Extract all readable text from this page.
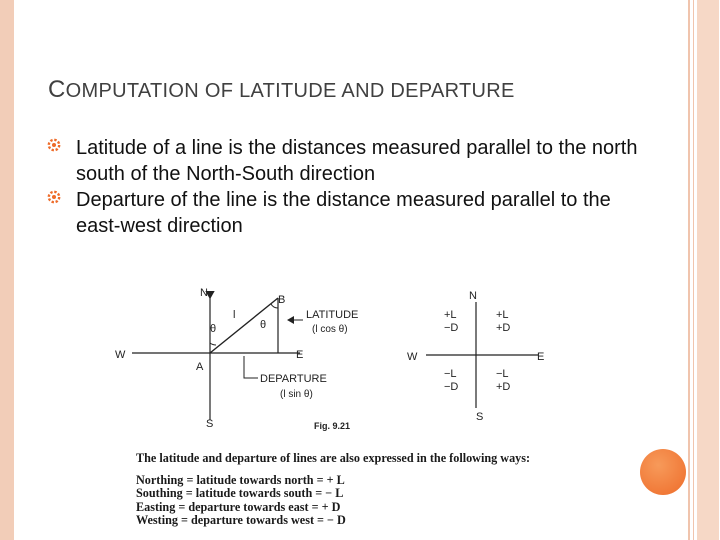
COMPUTATION OF LATITUDE AND DEPARTURE
Latitude of a line is the distances measured parallel to the north south of the North-South direction
Departure of the line is the distance measured parallel to the east-west direction
N
S
W	E
A
B
l
θ	θ
LATITUDE
(l cos θ)
DEPARTURE
(l sin θ)
Fig. 9.21
N
S
W	E
+L
−D
+L
+D
−L
−D
−L
+D
The latitude and departure of lines are also expressed in the following ways:
Northing = latitude towards north = + L
Southing = latitude towards south = − L
Easting = departure towards east = + D
Westing = departure towards west = − D
